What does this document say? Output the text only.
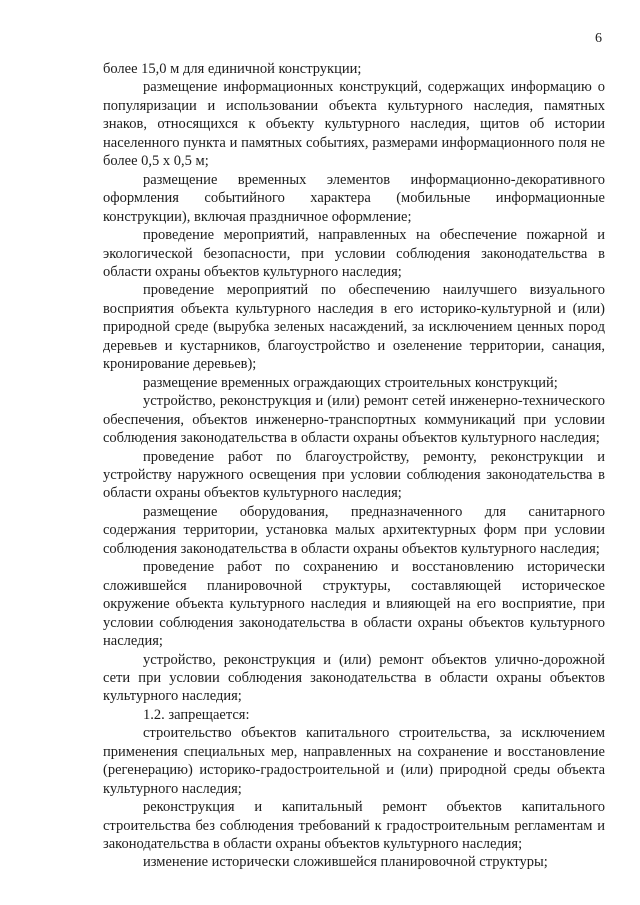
6

более 15,0 м для единичной конструкции;

размещение информационных конструкций, содержащих информацию о популяризации и использовании объекта культурного наследия, памятных знаков, относящихся к объекту культурного наследия, щитов об истории населенного пункта и памятных событиях, размерами информационного поля не более 0,5 х 0,5 м;

размещение временных элементов информационно-декоративного оформления событийного характера (мобильные информационные конструкции), включая праздничное оформление;

проведение мероприятий, направленных на обеспечение пожарной и экологической безопасности, при условии соблюдения законодательства в области охраны объектов культурного наследия;

проведение мероприятий по обеспечению наилучшего визуального восприятия объекта культурного наследия в его историко-культурной и (или) природной среде (вырубка зеленых насаждений, за исключением ценных пород деревьев и кустарников, благоустройство и озеленение территории, санация, кронирование деревьев);

размещение временных ограждающих строительных конструкций;

устройство, реконструкция и (или) ремонт сетей инженерно-технического обеспечения, объектов инженерно-транспортных коммуникаций при условии соблюдения законодательства в области охраны объектов культурного наследия;

проведение работ по благоустройству, ремонту, реконструкции и устройству наружного освещения при условии соблюдения законодательства в области охраны объектов культурного наследия;

размещение оборудования, предназначенного для санитарного содержания территории, установка малых архитектурных форм при условии соблюдения законодательства в области охраны объектов культурного наследия;

проведение работ по сохранению и восстановлению исторически сложившейся планировочной структуры, составляющей историческое окружение объекта культурного наследия и влияющей на его восприятие, при условии соблюдения законодательства в области охраны объектов культурного наследия;

устройство, реконструкция и (или) ремонт объектов улично-дорожной сети при условии соблюдения законодательства в области охраны объектов культурного наследия;

1.2. запрещается:

строительство объектов капитального строительства, за исключением применения специальных мер, направленных на сохранение и восстановление (регенерацию) историко-градостроительной и (или) природной среды объекта культурного наследия;

реконструкция и капитальный ремонт объектов капитального строительства без соблюдения требований к градостроительным регламентам и законодательства в области охраны объектов культурного наследия;

изменение исторически сложившейся планировочной структуры;
